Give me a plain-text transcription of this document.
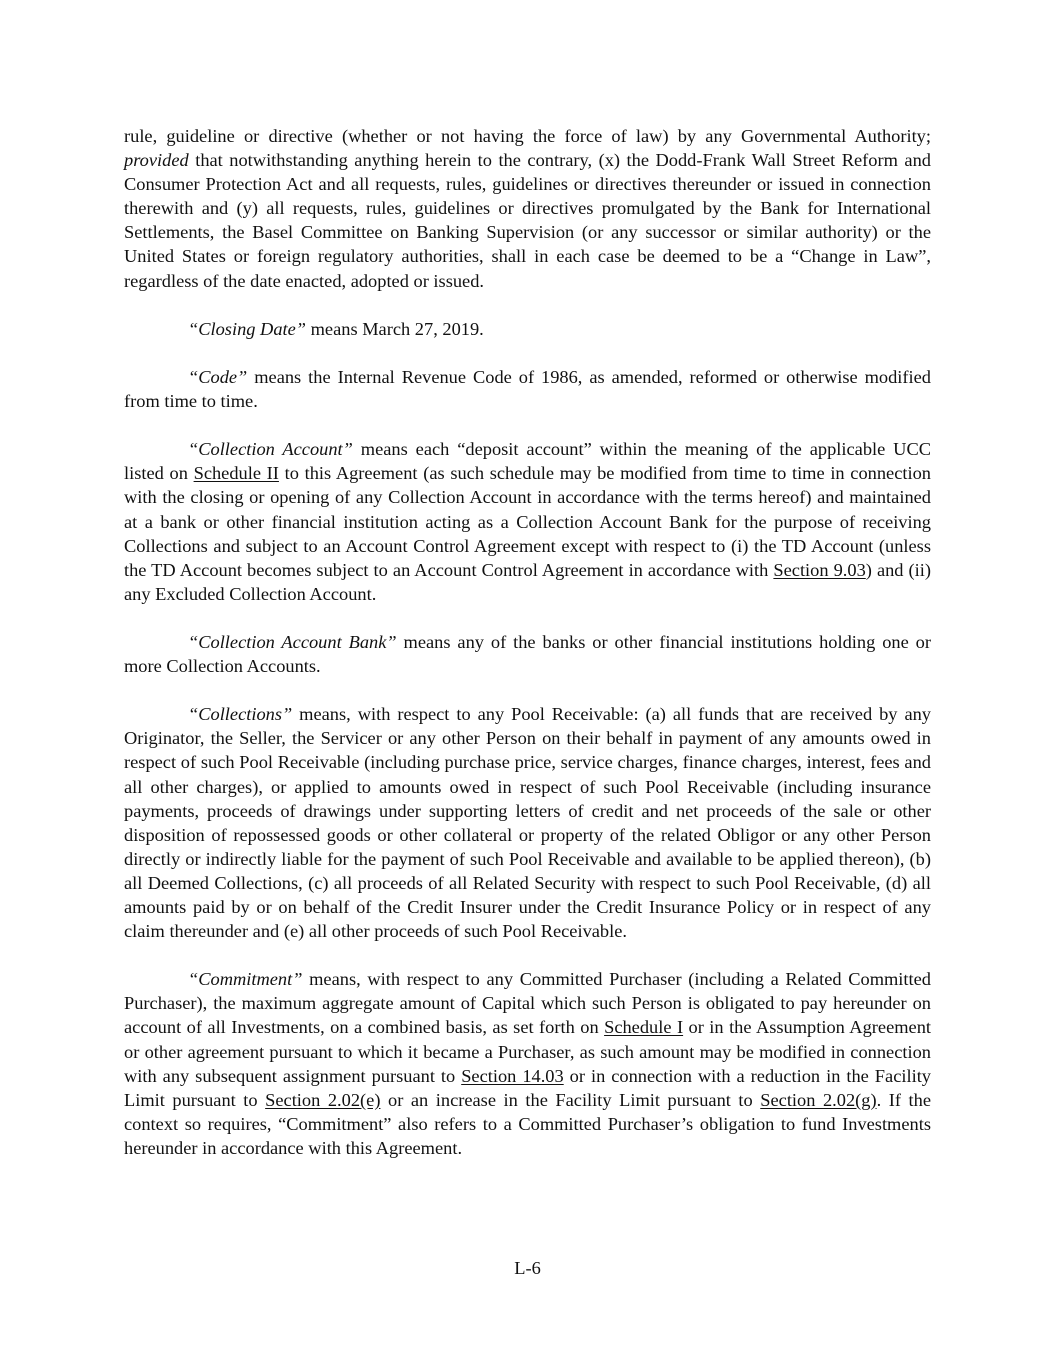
rule, guideline or directive (whether or not having the force of law) by any Governmental Authority; provided that notwithstanding anything herein to the contrary, (x) the Dodd-Frank Wall Street Reform and Consumer Protection Act and all requests, rules, guidelines or directives thereunder or issued in connection therewith and (y) all requests, rules, guidelines or directives promulgated by the Bank for International Settlements, the Basel Committee on Banking Supervision (or any successor or similar authority) or the United States or foreign regulatory authorities, shall in each case be deemed to be a “Change in Law”, regardless of the date enacted, adopted or issued.

“Closing Date” means March 27, 2019.

“Code” means the Internal Revenue Code of 1986, as amended, reformed or otherwise modified from time to time.

“Collection Account” means each “deposit account” within the meaning of the applicable UCC listed on Schedule II to this Agreement (as such schedule may be modified from time to time in connection with the closing or opening of any Collection Account in accordance with the terms hereof) and maintained at a bank or other financial institution acting as a Collection Account Bank for the purpose of receiving Collections and subject to an Account Control Agreement except with respect to (i) the TD Account (unless the TD Account becomes subject to an Account Control Agreement in accordance with Section 9.03) and (ii) any Excluded Collection Account.

“Collection Account Bank” means any of the banks or other financial institutions holding one or more Collection Accounts.

“Collections” means, with respect to any Pool Receivable: (a) all funds that are received by any Originator, the Seller, the Servicer or any other Person on their behalf in payment of any amounts owed in respect of such Pool Receivable (including purchase price, service charges, finance charges, interest, fees and all other charges), or applied to amounts owed in respect of such Pool Receivable (including insurance payments, proceeds of drawings under supporting letters of credit and net proceeds of the sale or other disposition of repossessed goods or other collateral or property of the related Obligor or any other Person directly or indirectly liable for the payment of such Pool Receivable and available to be applied thereon), (b) all Deemed Collections, (c) all proceeds of all Related Security with respect to such Pool Receivable, (d) all amounts paid by or on behalf of the Credit Insurer under the Credit Insurance Policy or in respect of any claim thereunder and (e) all other proceeds of such Pool Receivable.

“Commitment” means, with respect to any Committed Purchaser (including a Related Committed Purchaser), the maximum aggregate amount of Capital which such Person is obligated to pay hereunder on account of all Investments, on a combined basis, as set forth on Schedule I or in the Assumption Agreement or other agreement pursuant to which it became a Purchaser, as such amount may be modified in connection with any subsequent assignment pursuant to Section 14.03 or in connection with a reduction in the Facility Limit pursuant to Section 2.02(e) or an increase in the Facility Limit pursuant to Section 2.02(g). If the context so requires, “Commitment” also refers to a Committed Purchaser’s obligation to fund Investments hereunder in accordance with this Agreement.

L-6
